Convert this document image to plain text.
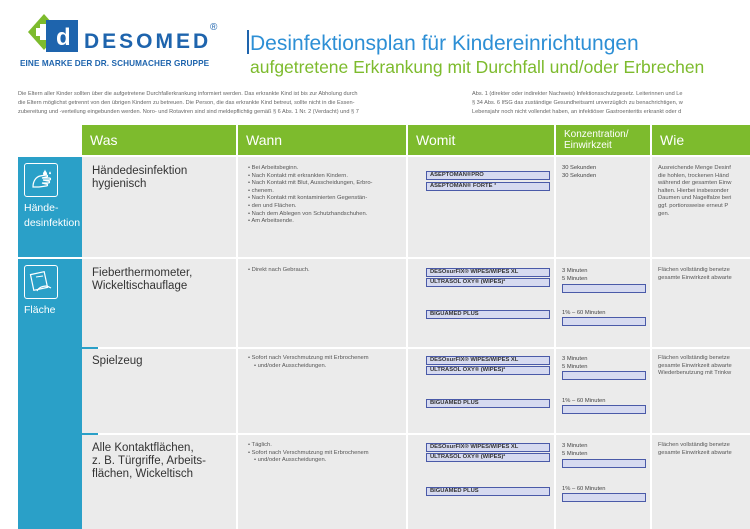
d DESOMED
®
EINE MARKE DER DR. SCHUMACHER GRUPPE
Desinfektionsplan für Kindereinrichtungen
aufgetretene Erkrankung mit Durchfall und/oder Erbrechen
Die Eltern aller Kinder sollten über die aufgetretene Durchfallerkrankung informiert werden. Das erkrankte Kind ist bis zur Abholung durch
die Eltern möglichst getrennt von den übrigen Kindern zu betreuen. Die Person, die das erkrankte Kind betreut, sollte nicht in die Essen-
zubereitung und -verteilung eingebunden werden. Noro- und Rotaviren sind sind meldepflichtig gemäß § 6 Abs. 1 Nr. 2 (Verdacht) und § 7
Abs. 1 (direkter oder indirekter Nachweis) Infektionsschutzgesetz. Leiterinnen und Le
§ 34 Abs. 6 IfSG das zuständige Gesundheitsamt unverzüglich zu benachrichtigen, w
Lebensjahr noch nicht vollendet haben, an infektiöser Gastroenteritis erkrankt oder d
Was	Wann	Womit	Konzentration/
Einwirkzeit	Wie
Hände-
desinfektion
Fläche
Händedesinfektion
hygienisch
• Bei Arbeitsbeginn.
• Nach Kontakt mit erkrankten Kindern.
• Nach Kontakt mit Blut, Ausscheidungen, Erbro-
• chenem.
• Nach Kontakt mit kontaminierten Gegenstän-
• den und Flächen.
• Nach dem Ablegen von Schutzhandschuhen.
• Am Arbeitsende.
ASEPTOMAN®PRO
ASEPTOMAN® FORTE ³
30 Sekunden
30 Sekunden
Ausreichende Menge Desinf
die hohlen, trockenen Händ
während der gesamten Einw
halten. Hierbei insbesonder
Daumen und Nagelfalze beri
ggf. portionsweise erneut P
gen.
Fieberthermometer,
Wickeltischauflage
• Direkt nach Gebrauch.	DESOsurFIX® WIPES/WIPES XL
ULTRASOL OXY® (WIPES)²
BIGUAMED PLUS
3 Minuten
5 Minuten
1% – 60 Minuten
Flächen vollständig benetze
gesamte Einwirkzeit abwarte
Spielzeug
•	Sofort nach Verschmutzung mit Erbrochenem
• und/oder Ausscheidungen.
DESOsurFIX® WIPES/WIPES XL
ULTRASOL OXY® (WIPES)²
BIGUAMED PLUS
3 Minuten
5 Minuten
1% – 60 Minuten
Flächen vollständig benetze
gesamte Einwirkzeit abwarte
Wiederbenutzung mit Trinkw
Alle Kontaktflächen,
z. B. Türgriffe, Arbeits-
flächen, Wickeltisch
• Täglich.
• Sofort nach Verschmutzung mit Erbrochenem
• und/oder Ausscheidungen.
DESOsurFIX® WIPES/WIPES XL
ULTRASOL OXY® (WIPES)²
BIGUAMED PLUS
3 Minuten
5 Minuten
1% – 60 Minuten
Flächen vollständig benetze
gesamte Einwirkzeit abwarte
